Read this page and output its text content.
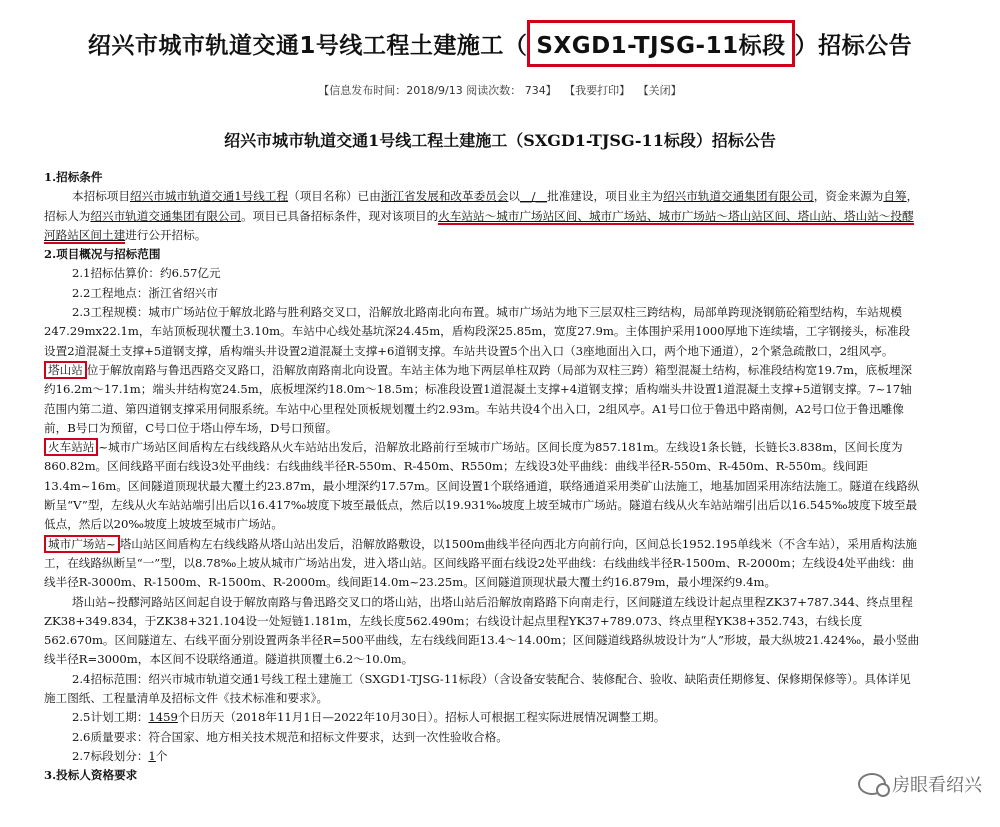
绍兴市城市轨道交通1号线工程土建施工（ SXGD1-TJSG-11标段 ）招标公告
【信息发布时间：2018/9/13 阅读次数： 734】 【我要打印】 【关闭】
绍兴市城市轨道交通1号线工程土建施工（SXGD1-TJSG-11标段）招标公告

1.招标条件

本招标项目绍兴市城市轨道交通1号线工程（项目名称）已由浙江省发展和改革委员会以__/__批准建设，项目业主为绍兴市轨道交通集团有限公司，资金来源为自筹，招标人为绍兴市轨道交通集团有限公司。项目已具备招标条件，现对该项目的火车站站～城市广场站区间、城市广场站、城市广场站～塔山站区间、塔山站、塔山站～投醪河路站区间土建进行公开招标。

2.项目概况与招标范围

2.1招标估算价：约6.57亿元

2.2工程地点：浙江省绍兴市

2.3工程规模：城市广场站位于解放北路与胜利路交叉口，沿解放北路南北向布置。城市广场站为地下三层双柱三跨结构，局部单跨现浇钢筋砼箱型结构，车站规模247.29mx22.1m，车站顶板现状覆土3.10m。车站中心线处基坑深24.45m，盾构段深25.85m，宽度27.9m。主体围护采用1000厚地下连续墙，工字钢接头，标准段设置2道混凝土支撑+5道钢支撑，盾构端头井设置2道混凝土支撑+6道钢支撑。车站共设置5个出入口（3座地面出入口，两个地下通道），2个紧急疏散口，2组风亭。

塔山站 位于解放南路与鲁迅西路交叉路口，沿解放南路南北向设置。车站主体为地下两层单柱双跨（局部为双柱三跨）箱型混凝土结构，标准段结构宽19.7m，底板埋深约16.2m～17.1m；端头井结构宽24.5m，底板埋深约18.0m～18.5m；标准段设置1道混凝土支撑+4道钢支撑；盾构端头井设置1道混凝土支撑+5道钢支撑。7~17轴范围内第二道、第四道钢支撑采用伺服系统。车站中心里程处顶板规划覆土约2.93m。车站共设4个出入口，2组风亭。A1号口位于鲁迅中路南侧，A2号口位于鲁迅雕像前，B号口为预留，C号口位于塔山停车场，D号口预留。

火车站站 ~城市广场站区间盾构左右线线路从火车站站出发后，沿解放北路前行至城市广场站。区间长度为857.181m。左线设1条长链，长链长3.838m，区间长度为860.82m。区间线路平面右线设3处平曲线：右线曲线半径R-550m、R-450m、R550m；左线设3处平曲线：曲线半径R-550m、R-450m、R-550m。线间距13.4m~16m。区间隧道顶现状最大覆土约23.87m，最小埋深约17.57m。区间设置1个联络通道，联络通道采用类矿山法施工，地基加固采用冻结法施工。隧道在线路纵断呈“V”型，左线从火车站站端引出后以16.417‰坡度下坡至最低点，然后以19.931‰坡度上坡至城市广场站。隧道右线从火车站站端引出后以16.545‰坡度下坡至最低点，然后以20‰坡度上坡坡至城市广场站。

城市广场站~ 塔山站区间盾构左右线线路从塔山站出发后，沿解放路敷设，以1500m曲线半径向西北方向前行向，区间总长1952.195单线米（不含车站），采用盾构法施工，在线路纵断呈“一”型，以8.78‰上坡从城市广场站出发，进入塔山站。区间线路平面右线设2处平曲线：右线曲线半径R-1500m、R-2000m；左线设4处平曲线：曲线半径R-3000m、R-1500m、R-1500m、R-2000m。线间距14.0m~23.25m。区间隧道顶现状最大覆土约16.879m，最小埋深约9.4m。

塔山站~投醪河路站区间起自设于解放南路与鲁迅路交叉口的塔山站，出塔山站后沿解放南路路下向南走行，区间隧道左线设计起点里程ZK37+787.344、终点里程ZK38+349.834，于ZK38+321.104设一处短链1.181m，左线长度562.490m；右线设计起点里程YK37+789.073、终点里程YK38+352.743，右线长度562.670m。区间隧道左、右线平面分别设置两条半径R=500平曲线，左右线线间距13.4～14.00m；区间隧道线路纵坡设计为“人”形坡，最大纵坡21.424‰，最小竖曲线半径R=3000m，本区间不设联络通道。隧道拱顶覆土6.2～10.0m。

2.4招标范围：绍兴市城市轨道交通1号线工程土建施工（SXGD1-TJSG-11标段）（含设备安装配合、装修配合、验收、缺陷责任期修复、保修期保修等）。具体详见施工图纸、工程量清单及招标文件《技术标准和要求》。

2.5计划工期：1459个日历天（2018年11月1日—2022年10月30日）。招标人可根据工程实际进展情况调整工期。

2.6质量要求：符合国家、地方相关技术规范和招标文件要求，达到一次性验收合格。

2.7标段划分：1个

3.投标人资格要求	房眼看绍兴
